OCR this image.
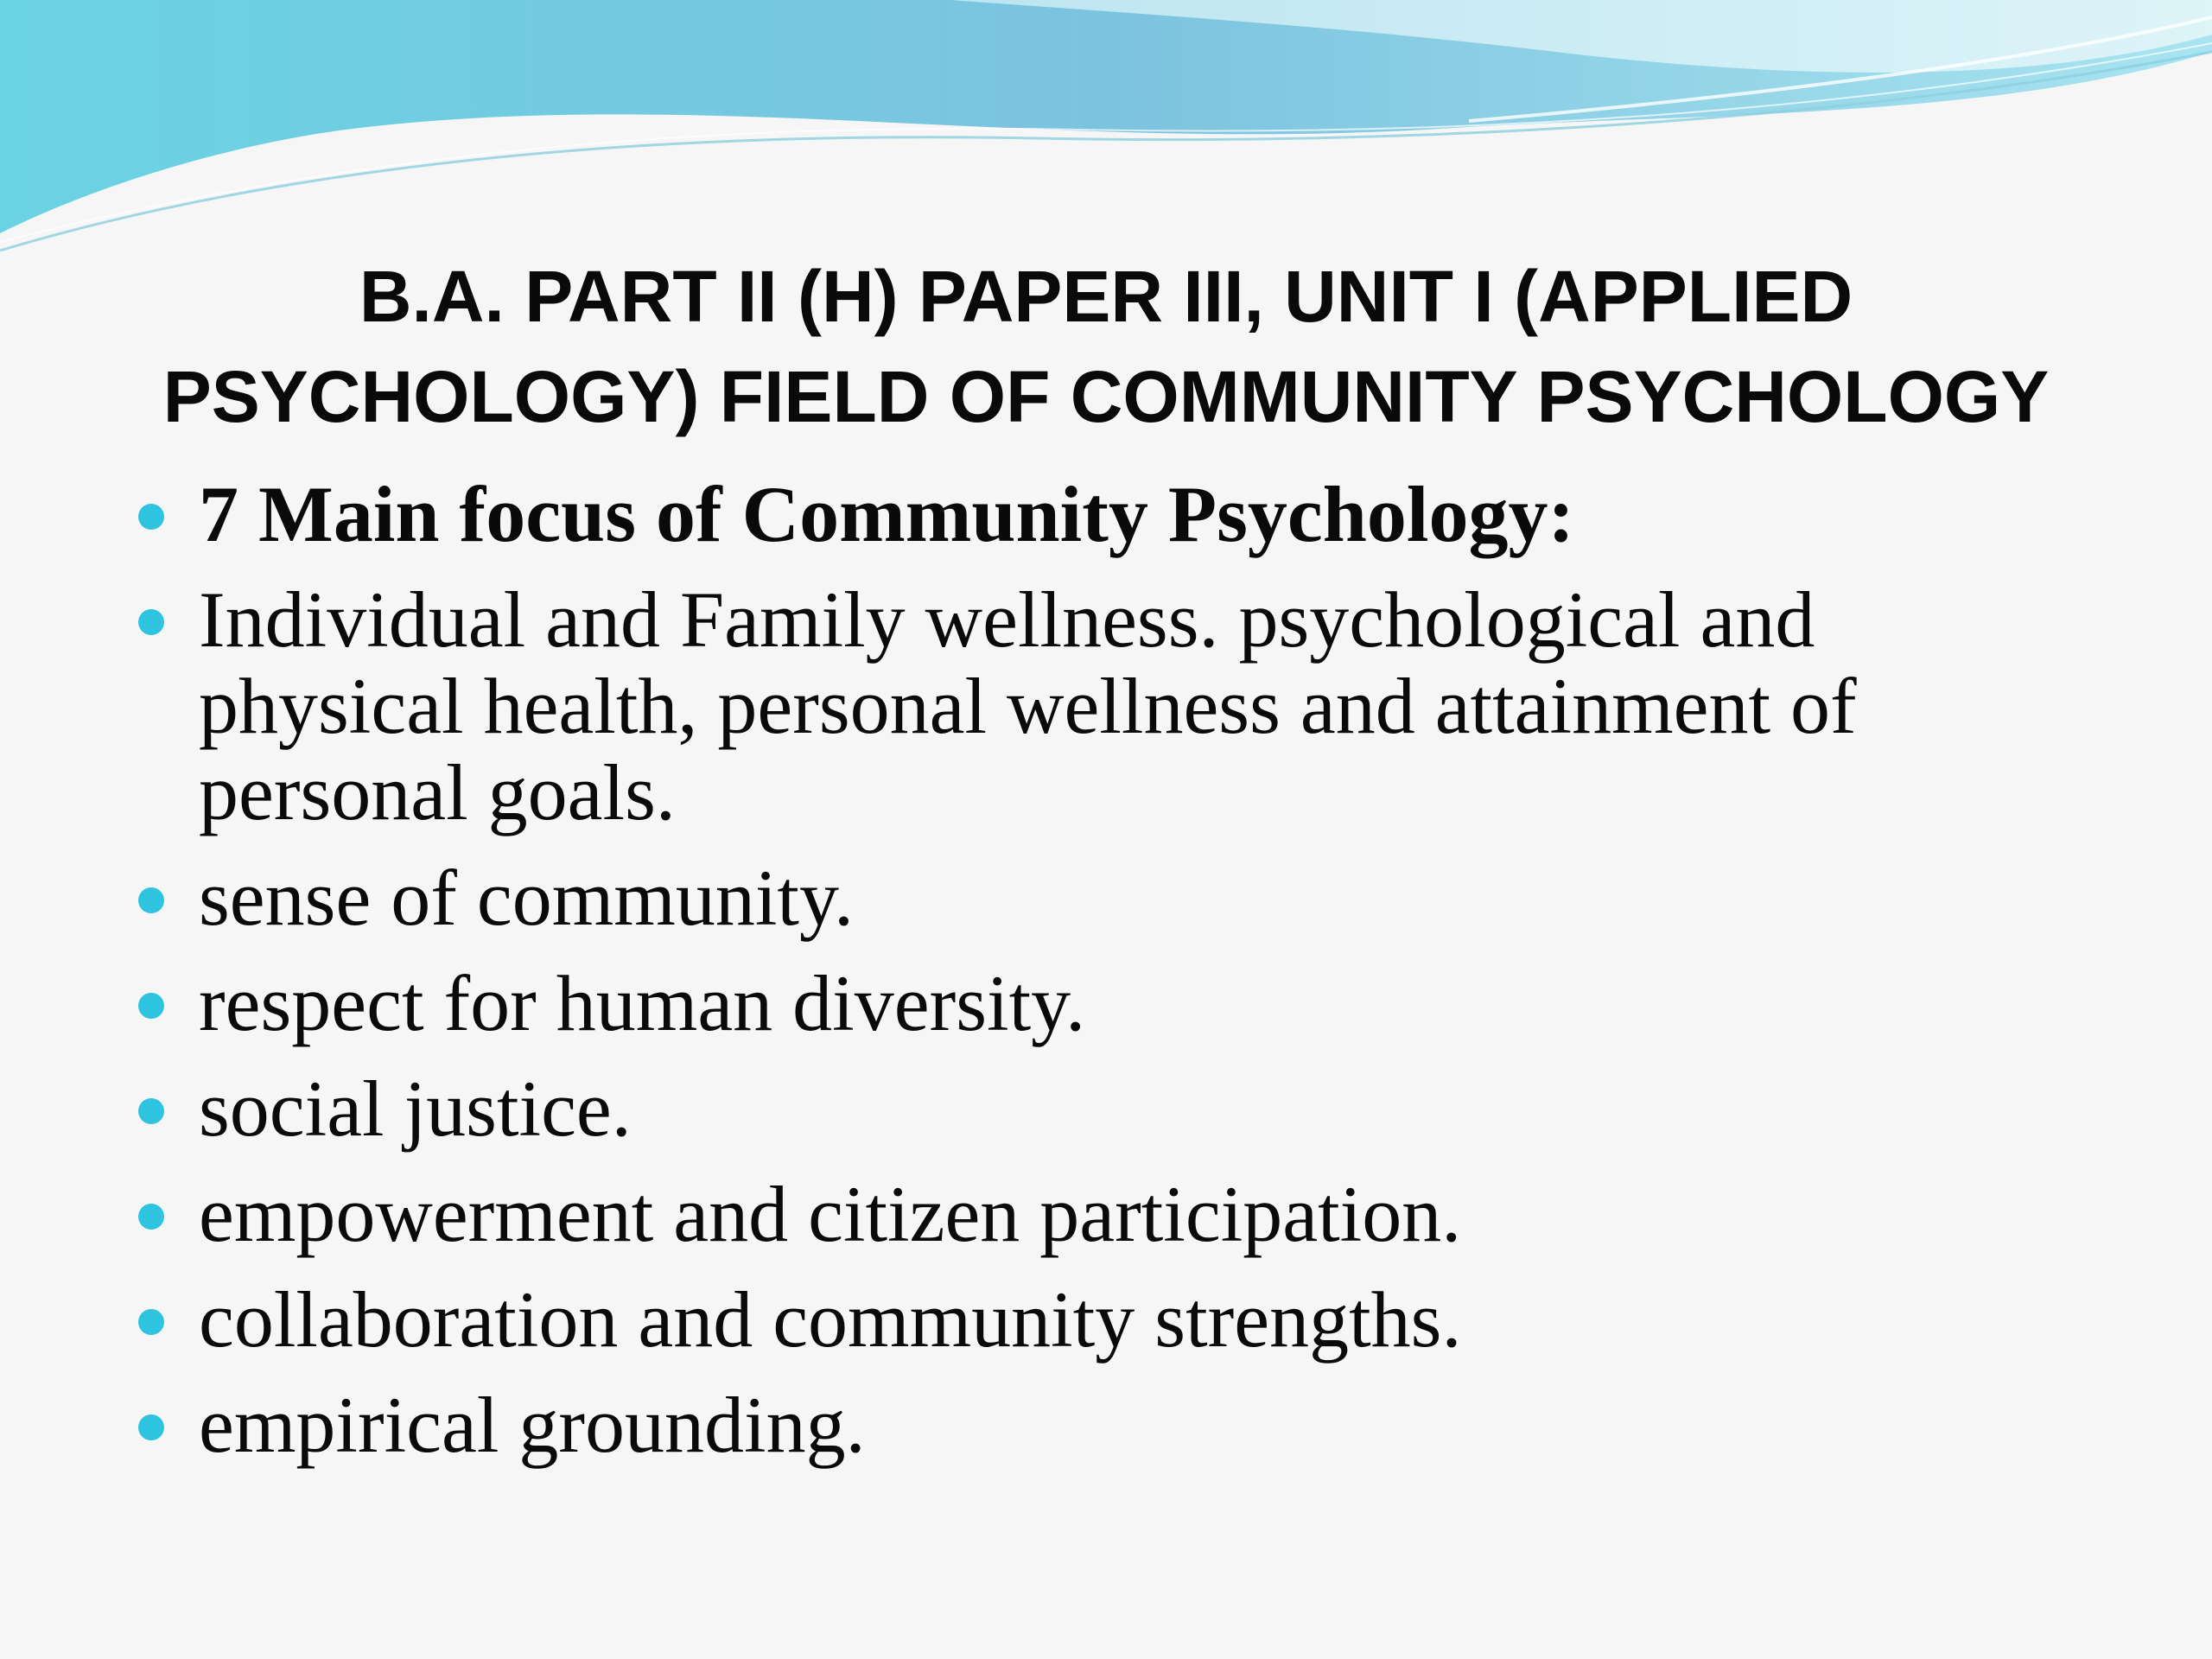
B.A. PART II (H) PAPER III, UNIT I (APPLIED PSYCHOLOGY) FIELD OF COMMUNITY PSYCHOLOGY
7 Main focus of Community Psychology:
Individual and Family wellness. psychological and physical health, personal wellness and attainment of personal goals.
sense of community.
respect for human diversity.
social justice.
empowerment and citizen participation.
collaboration and community strengths.
empirical grounding.
